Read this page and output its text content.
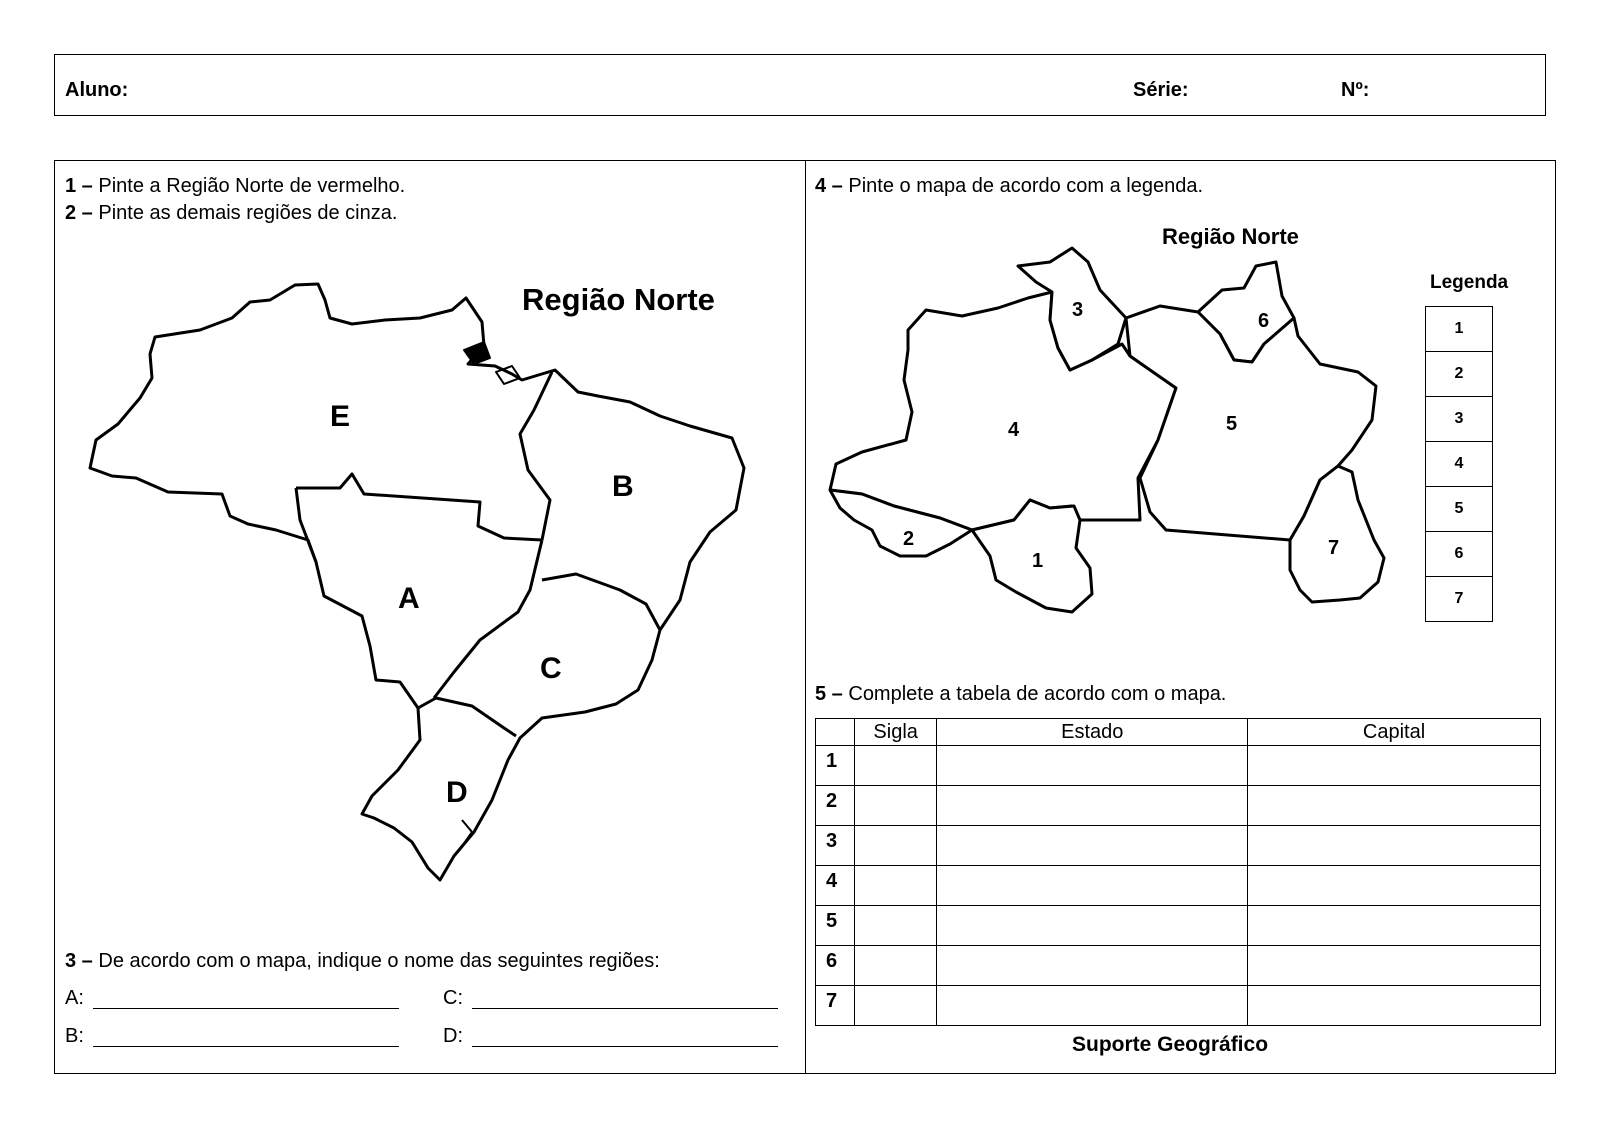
Aluno:	Série:	Nº:
1 – Pinte a Região Norte de vermelho.
2 – Pinte as demais regiões de cinza.
Região Norte
E
B
A
C
D
3 – De acordo com o mapa, indique o nome das seguintes regiões:
A:	C:
B:	D:
4 – Pinte o mapa de acordo com a legenda.
Região Norte
3	6
4	5
2
1
7
Legenda
1
2
3
4
5
6
7
5 – Complete a tabela de acordo com o mapa.
	Sigla	Estado	Capital
1			
2			
3			
4			
5			
6			
7			
Suporte Geográfico
